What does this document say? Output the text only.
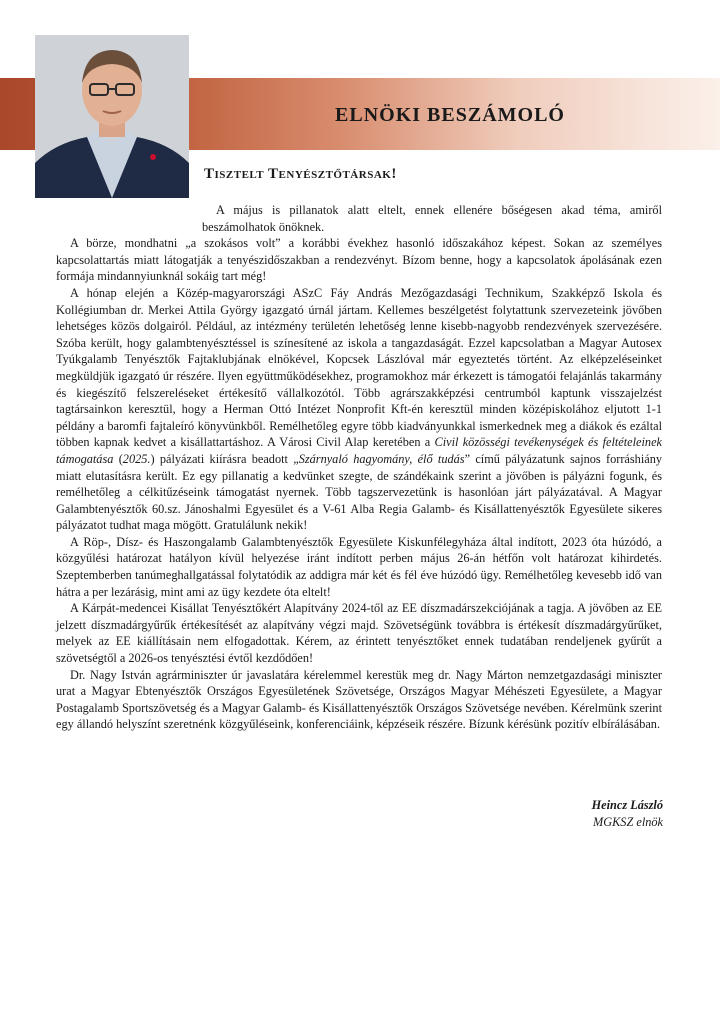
ELNÖKI BESZÁMOLÓ
Tisztelt Tenyésztőtársak!

A május is pillanatok alatt eltelt, ennek ellenére bőségesen akad téma, amiről beszámolhatok önöknek.

A börze, mondhatni „a szokásos volt” a korábbi évekhez hasonló időszakához képest. Sokan az személyes kapcsolattartás miatt látogatják a tenyészidőszakban a rendezvényt. Bízom benne, hogy a kapcsolatok ápolásának ezen formája mindannyiunknál sokáig tart még!

A hónap elején a Közép-magyarországi ASzC Fáy András Mezőgazdasági Technikum, Szakképző Iskola és Kollégiumban dr. Merkei Attila György igazgató úrnál jártam. Kellemes beszélgetést folytattunk szervezeteink jövőben lehetséges közös dolgairól. Például, az intézmény területén lehetőség lenne kisebb-nagyobb rendezvények szervezésére. Szóba került, hogy galambtenyésztéssel is színesítené az iskola a tangazdaságát. Ezzel kapcsolatban a Magyar Autosex Tyúkgalamb Tenyésztők Fajtaklubjának elnökével, Kopcsek Lászlóval már egyeztetés történt. Az elképzeléseinket megküldjük igazgató úr részére. Ilyen együttműködésekhez, programokhoz már érkezett is támogatói felajánlás takarmány és kiegészítő felszereléseket értékesítő vállalkozótól. Több agrárszakképzési centrumból kaptunk visszajelzést tagtársainkon keresztül, hogy a Herman Ottó Intézet Nonprofit Kft-én keresztül minden középiskolához eljutott 1-1 példány a baromfi fajtaleíró könyvünkből. Remélhetőleg egyre több kiadványunkkal ismerkednek meg a diákok és ezáltal többen kapnak kedvet a kisállattartáshoz. A Városi Civil Alap keretében a Civil közösségi tevékenységek és feltételeinek támogatása (2025.) pályázati kiírásra beadott „Szárnyaló hagyomány, élő tudás” című pályázatunk sajnos forráshiány miatt elutasításra került. Ez egy pillanatig a kedvünket szegte, de szándékaink szerint a jövőben is pályázni fogunk, és remélhetőleg a célkitűzéseink támogatást nyernek. Több tagszervezetünk is hasonlóan járt pályázatával. A Magyar Galambtenyésztők 60.sz. Jánoshalmi Egyesület és a V-61 Alba Regia Galamb- és Kisállattenyésztők Egyesülete sikeres pályázatot tudhat maga mögött. Gratulálunk nekik!

A Röp-, Dísz- és Haszongalamb Galambtenyésztők Egyesülete Kiskunfélegyháza által indított, 2023 óta húzódó, a közgyűlési határozat hatályon kívül helyezése iránt indított perben május 26-án hétfőn volt határozat kihirdetés. Szeptemberben tanúmeghallgatással folytatódik az addigra már két és fél éve húzódó ügy. Remélhetőleg kevesebb idő van hátra a per lezárásig, mint ami az ügy kezdete óta eltelt!

A Kárpát-medencei Kisállat Tenyésztőkért Alapítvány 2024-től az EE díszmadárszekciójának a tagja. A jövőben az EE jelzett díszmadárgyűrűk értékesítését az alapítvány végzi majd. Szövetségünk továbbra is értékesít díszmadárgyűrűket, melyek az EE kiállításain nem elfogadottak. Kérem, az érintett tenyésztőket ennek tudatában rendeljenek gyűrűt a szövetségtől a 2026-os tenyésztési évtől kezdődően!

Dr. Nagy István agrárminiszter úr javaslatára kérelemmel kerestük meg dr. Nagy Márton nemzetgazdasági miniszter urat a Magyar Ebtenyésztők Országos Egyesületének Szövetsége, Országos Magyar Méhészeti Egyesülete, a Magyar Postagalamb Sportszövetség és a Magyar Galamb- és Kisállattenyésztők Országos Szövetsége nevében. Kérelmünk szerint egy állandó helyszínt szeretnénk közgyűléseink, konferenciáink, képzéseik részére. Bízunk kérésünk pozitív elbírálásában.

Heincz László
MGKSZ elnök
